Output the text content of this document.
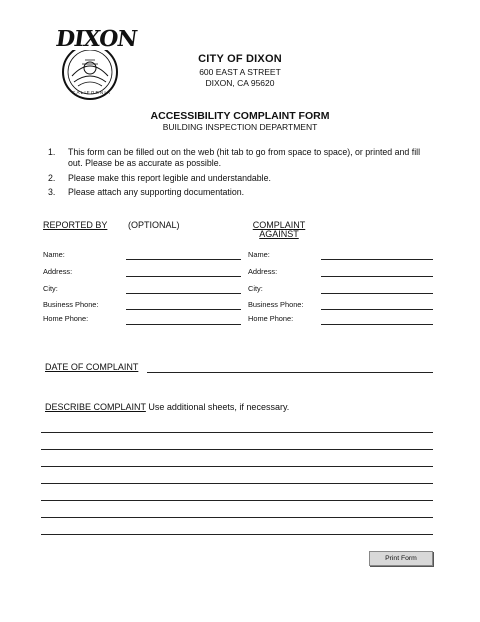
DIXON
CALIFORNIA
CITY OF DIXON
600 EAST A STREET
DIXON, CA 95620
ACCESSIBILITY COMPLAINT FORM
BUILDING INSPECTION DEPARTMENT
1. This form can be filled out on the web (hit tab to go from space to space), or printed and fill out. Please be as accurate as possible.
2. Please make this report legible and understandable.
3. Please attach any supporting documentation.
REPORTED BY (OPTIONAL)	COMPLAINT
AGAINST
Name:
Address:
City:
Business Phone:
Home Phone:
Name:
Address:
City:
Business Phone:
Home Phone:
DATE OF COMPLAINT
DESCRIBE COMPLAINT Use additional sheets, if necessary.
Print Form
